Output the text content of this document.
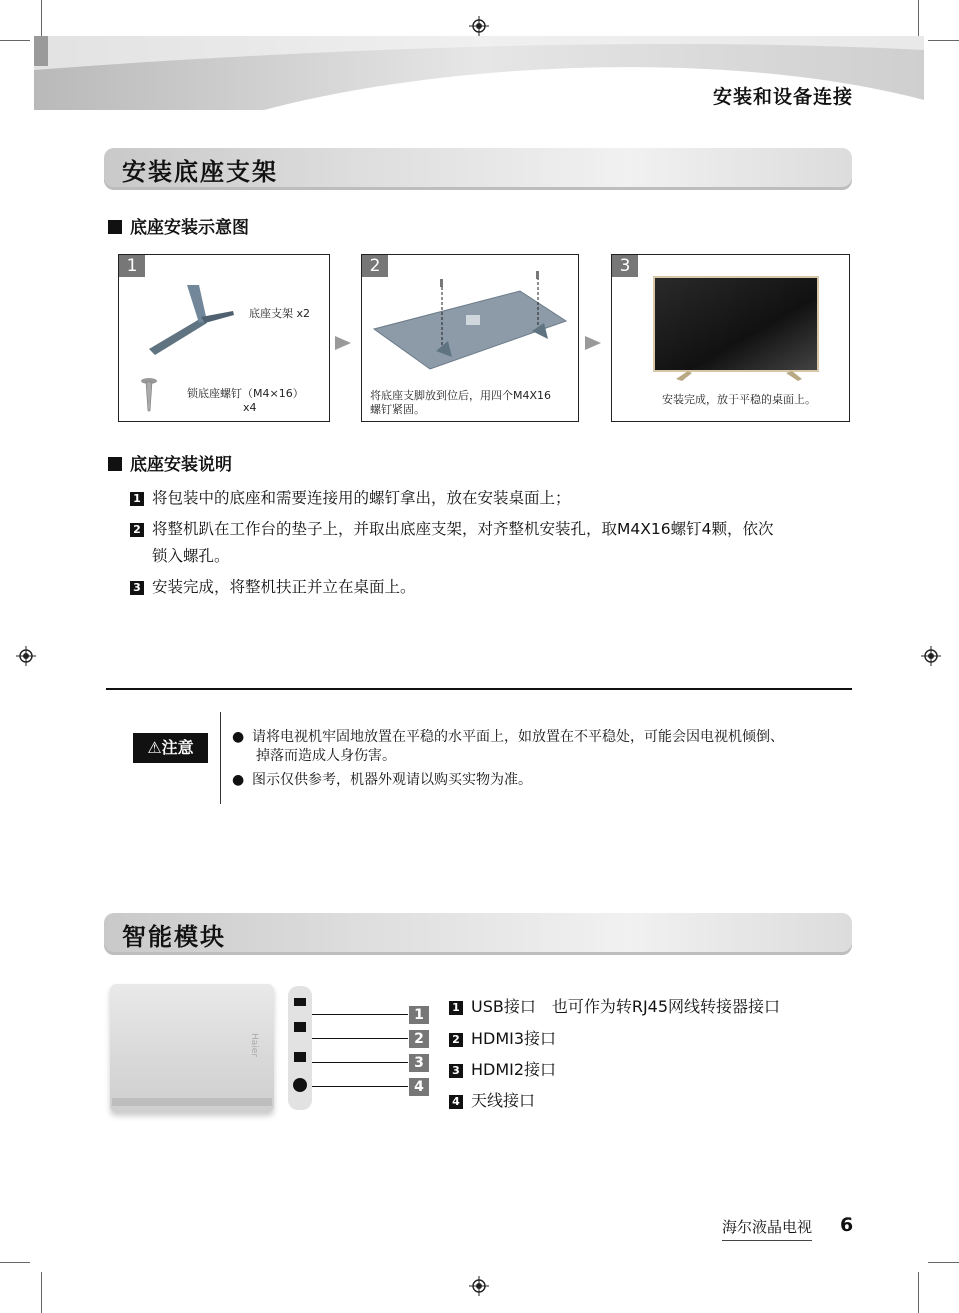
安装和设备连接
安装底座支架
底座安装示意图
1
底座支架 x2
锁底座螺钉（M4×16）
x4
2
将底座支脚放到位后，用四个M4X16
螺钉紧固。
3
安装完成，放于平稳的桌面上。
底座安装说明
1 将包装中的底座和需要连接用的螺钉拿出，放在安装桌面上；
2 将整机趴在工作台的垫子上，并取出底座支架，对齐整机安装孔，取M4X16螺钉4颗，依次
锁入螺孔。
3 安装完成，将整机扶正并立在桌面上。
⚠注意
● 请将电视机牢固地放置在平稳的水平面上，如放置在不平稳处，可能会因电视机倾倒、
掉落而造成人身伤害。
● 图示仅供参考，机器外观请以购买实物为准。
智能模块
Haier
1
2
3
4
1 USB接口　也可作为转RJ45网线转接器接口
2 HDMI3接口
3 HDMI2接口
4 天线接口
海尔液晶电视 6
